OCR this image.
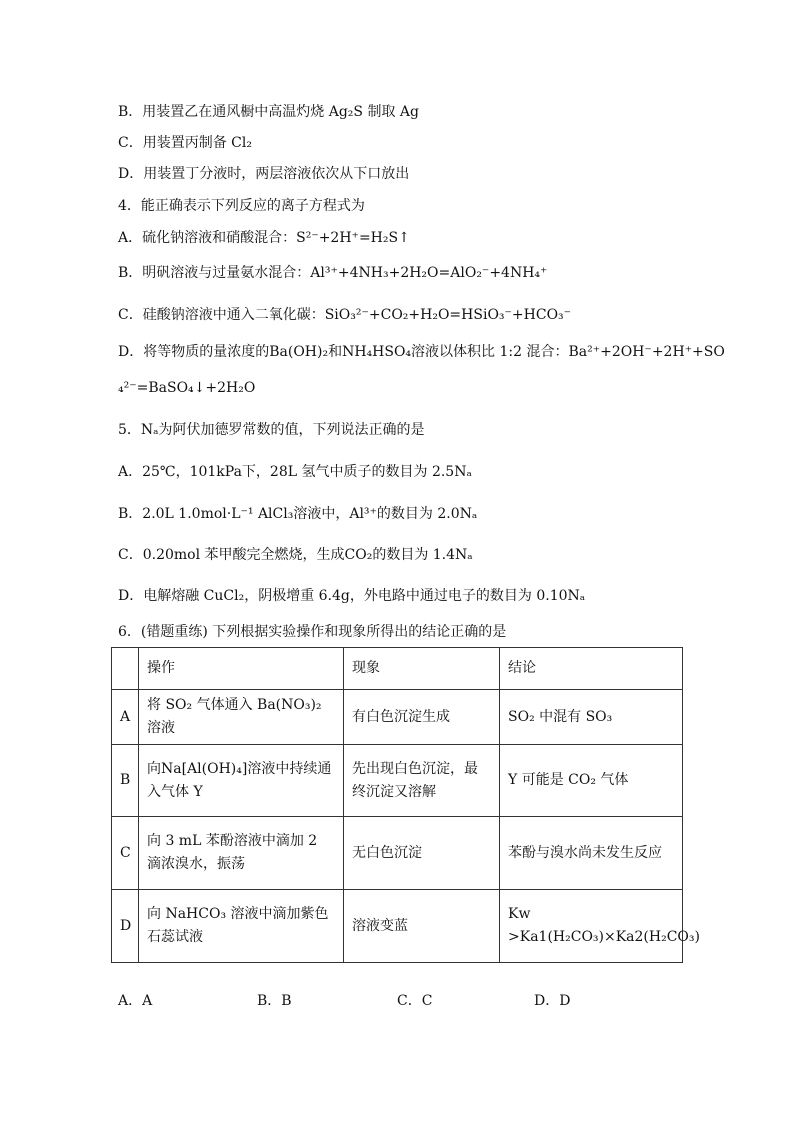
B．用装置乙在通风橱中高温灼烧 Ag₂S 制取 Ag
C．用装置丙制备 Cl₂
D．用装置丁分液时，两层溶液依次从下口放出
4．能正确表示下列反应的离子方程式为
A．硫化钠溶液和硝酸混合：S²⁻+2H⁺=H₂S↑
B．明矾溶液与过量氨水混合：Al³⁺+4NH₃+2H₂O=AlO₂⁻+4NH₄⁺
C．硅酸钠溶液中通入二氧化碳：SiO₃²⁻+CO₂+H₂O=HSiO₃⁻+HCO₃⁻
D．将等物质的量浓度的Ba(OH)₂和NH₄HSO₄溶液以体积比 1:2 混合：Ba²⁺+2OH⁻+2H⁺+SO
₄²⁻=BaSO₄↓+2H₂O
5．Nₐ为阿伏加德罗常数的值，下列说法正确的是
A．25℃，101kPa下，28L 氢气中质子的数目为 2.5Nₐ
B．2.0L 1.0mol·L⁻¹ AlCl₃溶液中，Al³⁺的数目为 2.0Nₐ
C．0.20mol 苯甲酸完全燃烧，生成CO₂的数目为 1.4Nₐ
D．电解熔融 CuCl₂，阴极增重 6.4g，外电路中通过电子的数目为 0.10Nₐ
6．(错题重练) 下列根据实验操作和现象所得出的结论正确的是
	操作	现象	结论
A	将 SO₂ 气体通入 Ba(NO₃)₂ 溶液	有白色沉淀生成	SO₂ 中混有 SO₃
B	向Na[Al(OH)₄]溶液中持续通入气体 Y	先出现白色沉淀，最终沉淀又溶解	Y 可能是 CO₂ 气体
C	向 3 mL 苯酚溶液中滴加 2 滴浓溴水，振荡	无白色沉淀	苯酚与溴水尚未发生反应
D	向 NaHCO₃ 溶液中滴加紫色石蕊试液	溶液变蓝	Kw >Ka1(H₂CO₃)×Ka2(H₂CO₃)
A．A	B．B	C．C	D．D
